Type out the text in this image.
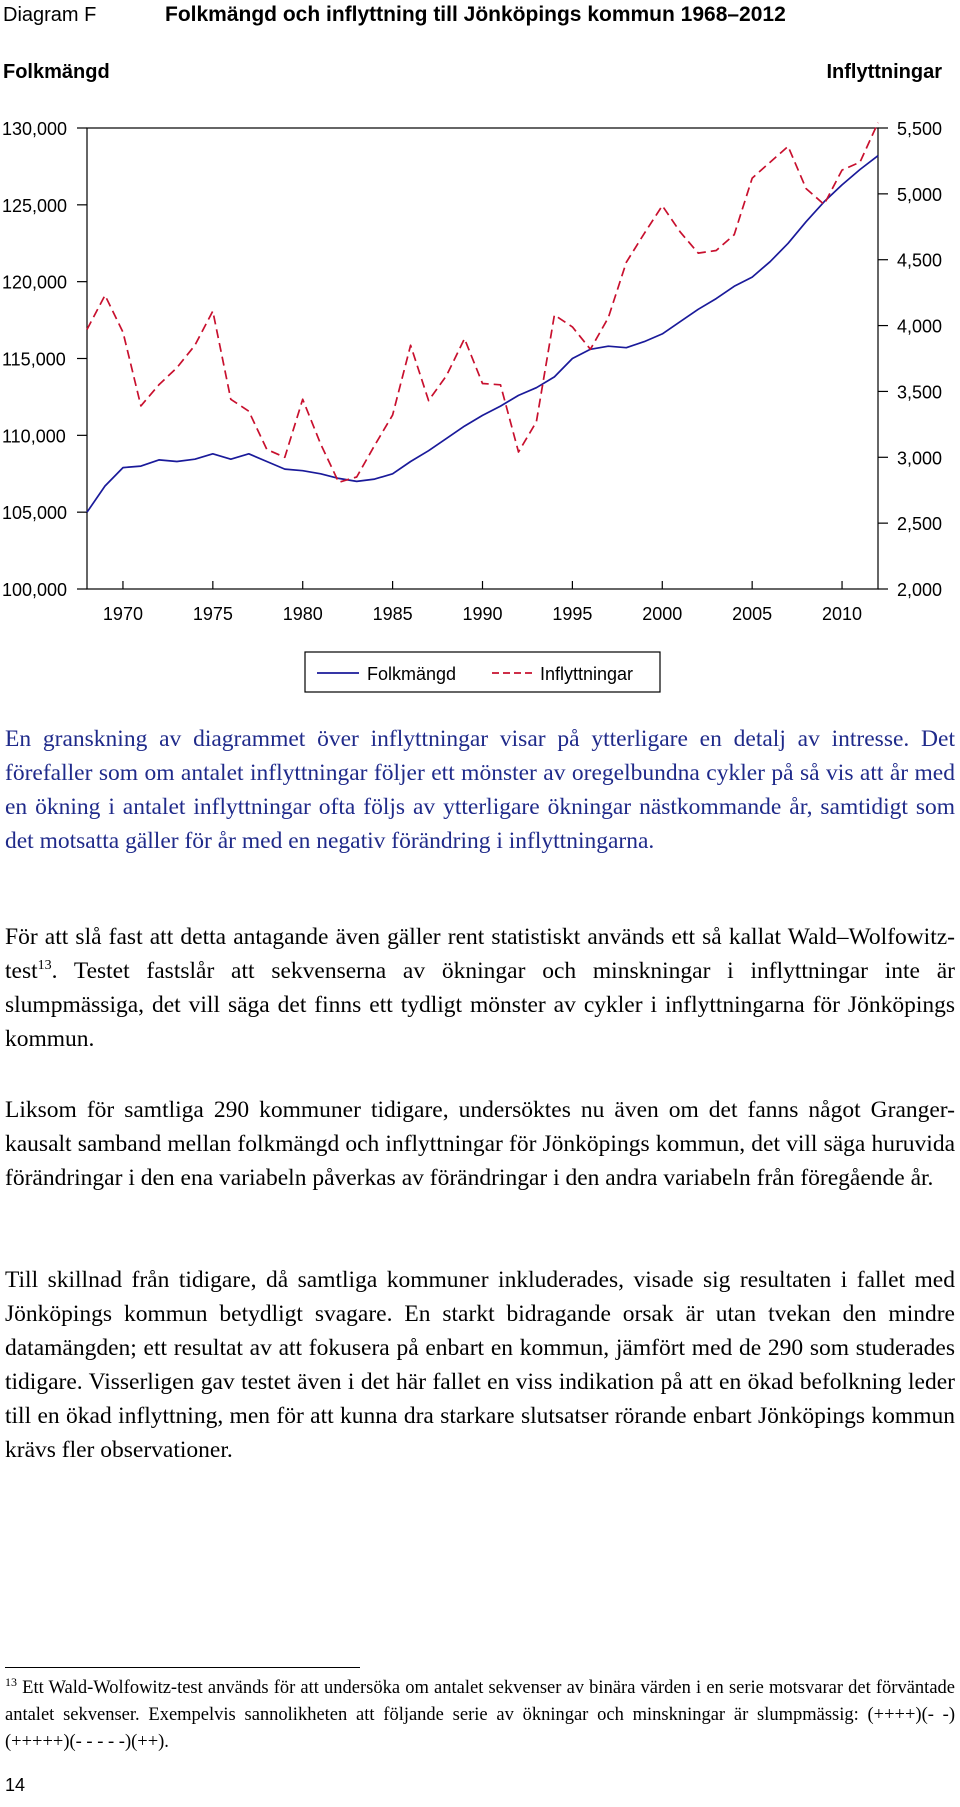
Diagram F	Folkmängd och inflyttning till Jönköpings kommun 1968–2012
Folkmängd	Inflyttningar
100,000
105,000
110,000
115,000
120,000
125,000
130,000
2,000
2,500
3,000
3,500
4,000
4,500
5,000
5,500
1970	1975	1980	1985	1990	1995	2000	2005	2010
Folkmängd	Inflyttningar

En granskning av diagrammet över inflyttningar visar på ytterligare en detalj av intresse. Det förefaller som om antalet inflyttningar följer ett mönster av oregelbundna cykler på så vis att år med en ökning i antalet inflyttningar ofta följs av ytterligare ökningar nästkommande år, samtidigt som det motsatta gäller för år med en negativ förändring i inflyttningarna.

För att slå fast att detta antagande även gäller rent statistiskt används ett så kallat Wald–Wolfowitz-test$^{13}$. Testet fastslår att sekvenserna av ökningar och minskningar i inflyttningar inte är slumpmässiga, det vill säga det finns ett tydligt mönster av cykler i inflyttningarna för Jönköpings kommun.

Liksom för samtliga 290 kommuner tidigare, undersöktes nu även om det fanns något Granger-kausalt samband mellan folkmängd och inflyttningar för Jönköpings kommun, det vill säga huruvida förändringar i den ena variabeln påverkas av förändringar i den andra variabeln från föregående år.

Till skillnad från tidigare, då samtliga kommuner inkluderades, visade sig resultaten i fallet med Jönköpings kommun betydligt svagare. En starkt bidragande orsak är utan tvekan den mindre datamängden; ett resultat av att fokusera på enbart en kommun, jämfört med de 290 som studerades tidigare. Visserligen gav testet även i det här fallet en viss indikation på att en ökad befolkning leder till en ökad inflyttning, men för att kunna dra starkare slutsatser rörande enbart Jönköpings kommun krävs fler observationer.

$^{13}$ Ett Wald-Wolfowitz-test används för att undersöka om antalet sekvenser av binära värden i en serie motsvarar det förväntade antalet sekvenser. Exempelvis sannolikheten att följande serie av ökningar och minskningar är slumpmässig: (++++)(- -)(+++++)(- - - - -)(++).

14
